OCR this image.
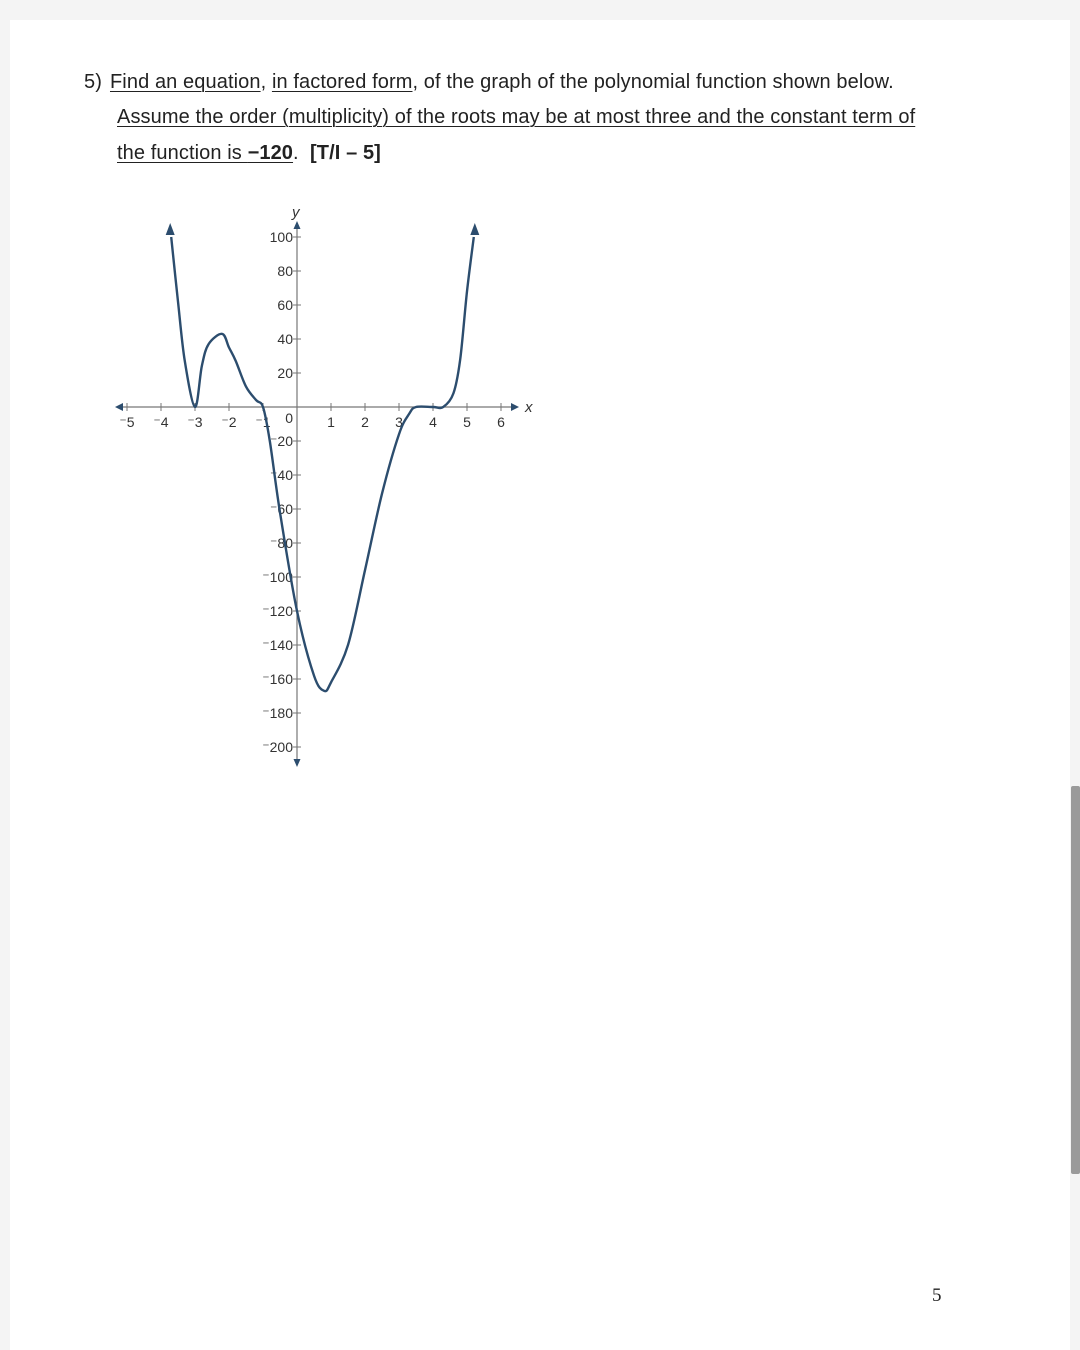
5) Find an equation, in factored form, of the graph of the polynomial function shown below.
Assume the order (multiplicity) of the roots may be at most three and the constant term of
the function is −120. [T/I – 5]
x
y
⁻5 ⁻4 ⁻3 ⁻2 ⁻1	1 2 3 4 5 6
100
80
60
40
20
⁻20
⁻40
⁻60
⁻80
⁻100
⁻120
⁻140
⁻160
⁻180
⁻200
0
5
